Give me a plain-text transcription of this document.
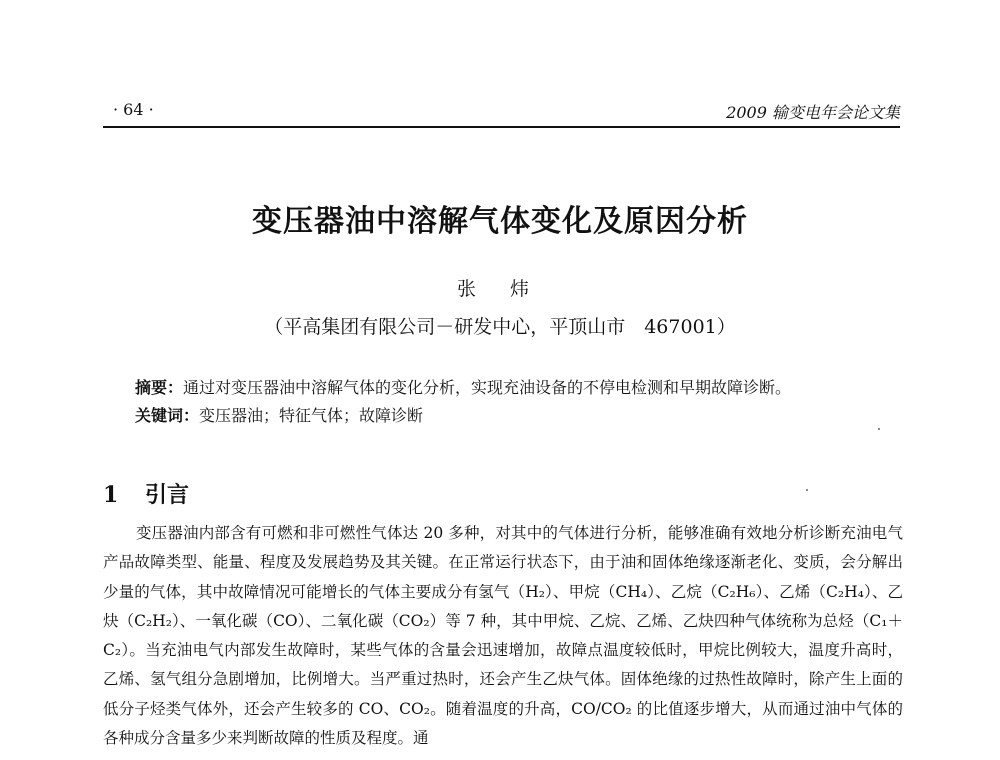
· 64 ·	2009 输变电年会论文集
变压器油中溶解气体变化及原因分析
张 炜
（平高集团有限公司－研发中心，平顶山市　467001）
摘要：通过对变压器油中溶解气体的变化分析，实现充油设备的不停电检测和早期故障诊断。
关键词：变压器油；特征气体；故障诊断
1 引言

变压器油内部含有可燃和非可燃性气体达 20 多种，对其中的气体进行分析，能够准确有效地分析诊断充油电气产品故障类型、能量、程度及发展趋势及其关键。在正常运行状态下，由于油和固体绝缘逐渐老化、变质，会分解出少量的气体，其中故障情况可能增长的气体主要成分有氢气（H₂）、甲烷（CH₄）、乙烷（C₂H₆）、乙烯（C₂H₄）、乙炔（C₂H₂）、一氧化碳（CO）、二氧化碳（CO₂）等 7 种，其中甲烷、乙烷、乙烯、乙炔四种气体统称为总烃（C₁＋C₂）。当充油电气内部发生故障时，某些气体的含量会迅速增加，故障点温度较低时，甲烷比例较大，温度升高时，乙烯、氢气组分急剧增加，比例增大。当严重过热时，还会产生乙炔气体。固体绝缘的过热性故障时，除产生上面的低分子烃类气体外，还会产生较多的 CO、CO₂。随着温度的升高，CO/CO₂ 的比值逐步增大，从而通过油中气体的各种成分含量多少来判断故障的性质及程度。通
